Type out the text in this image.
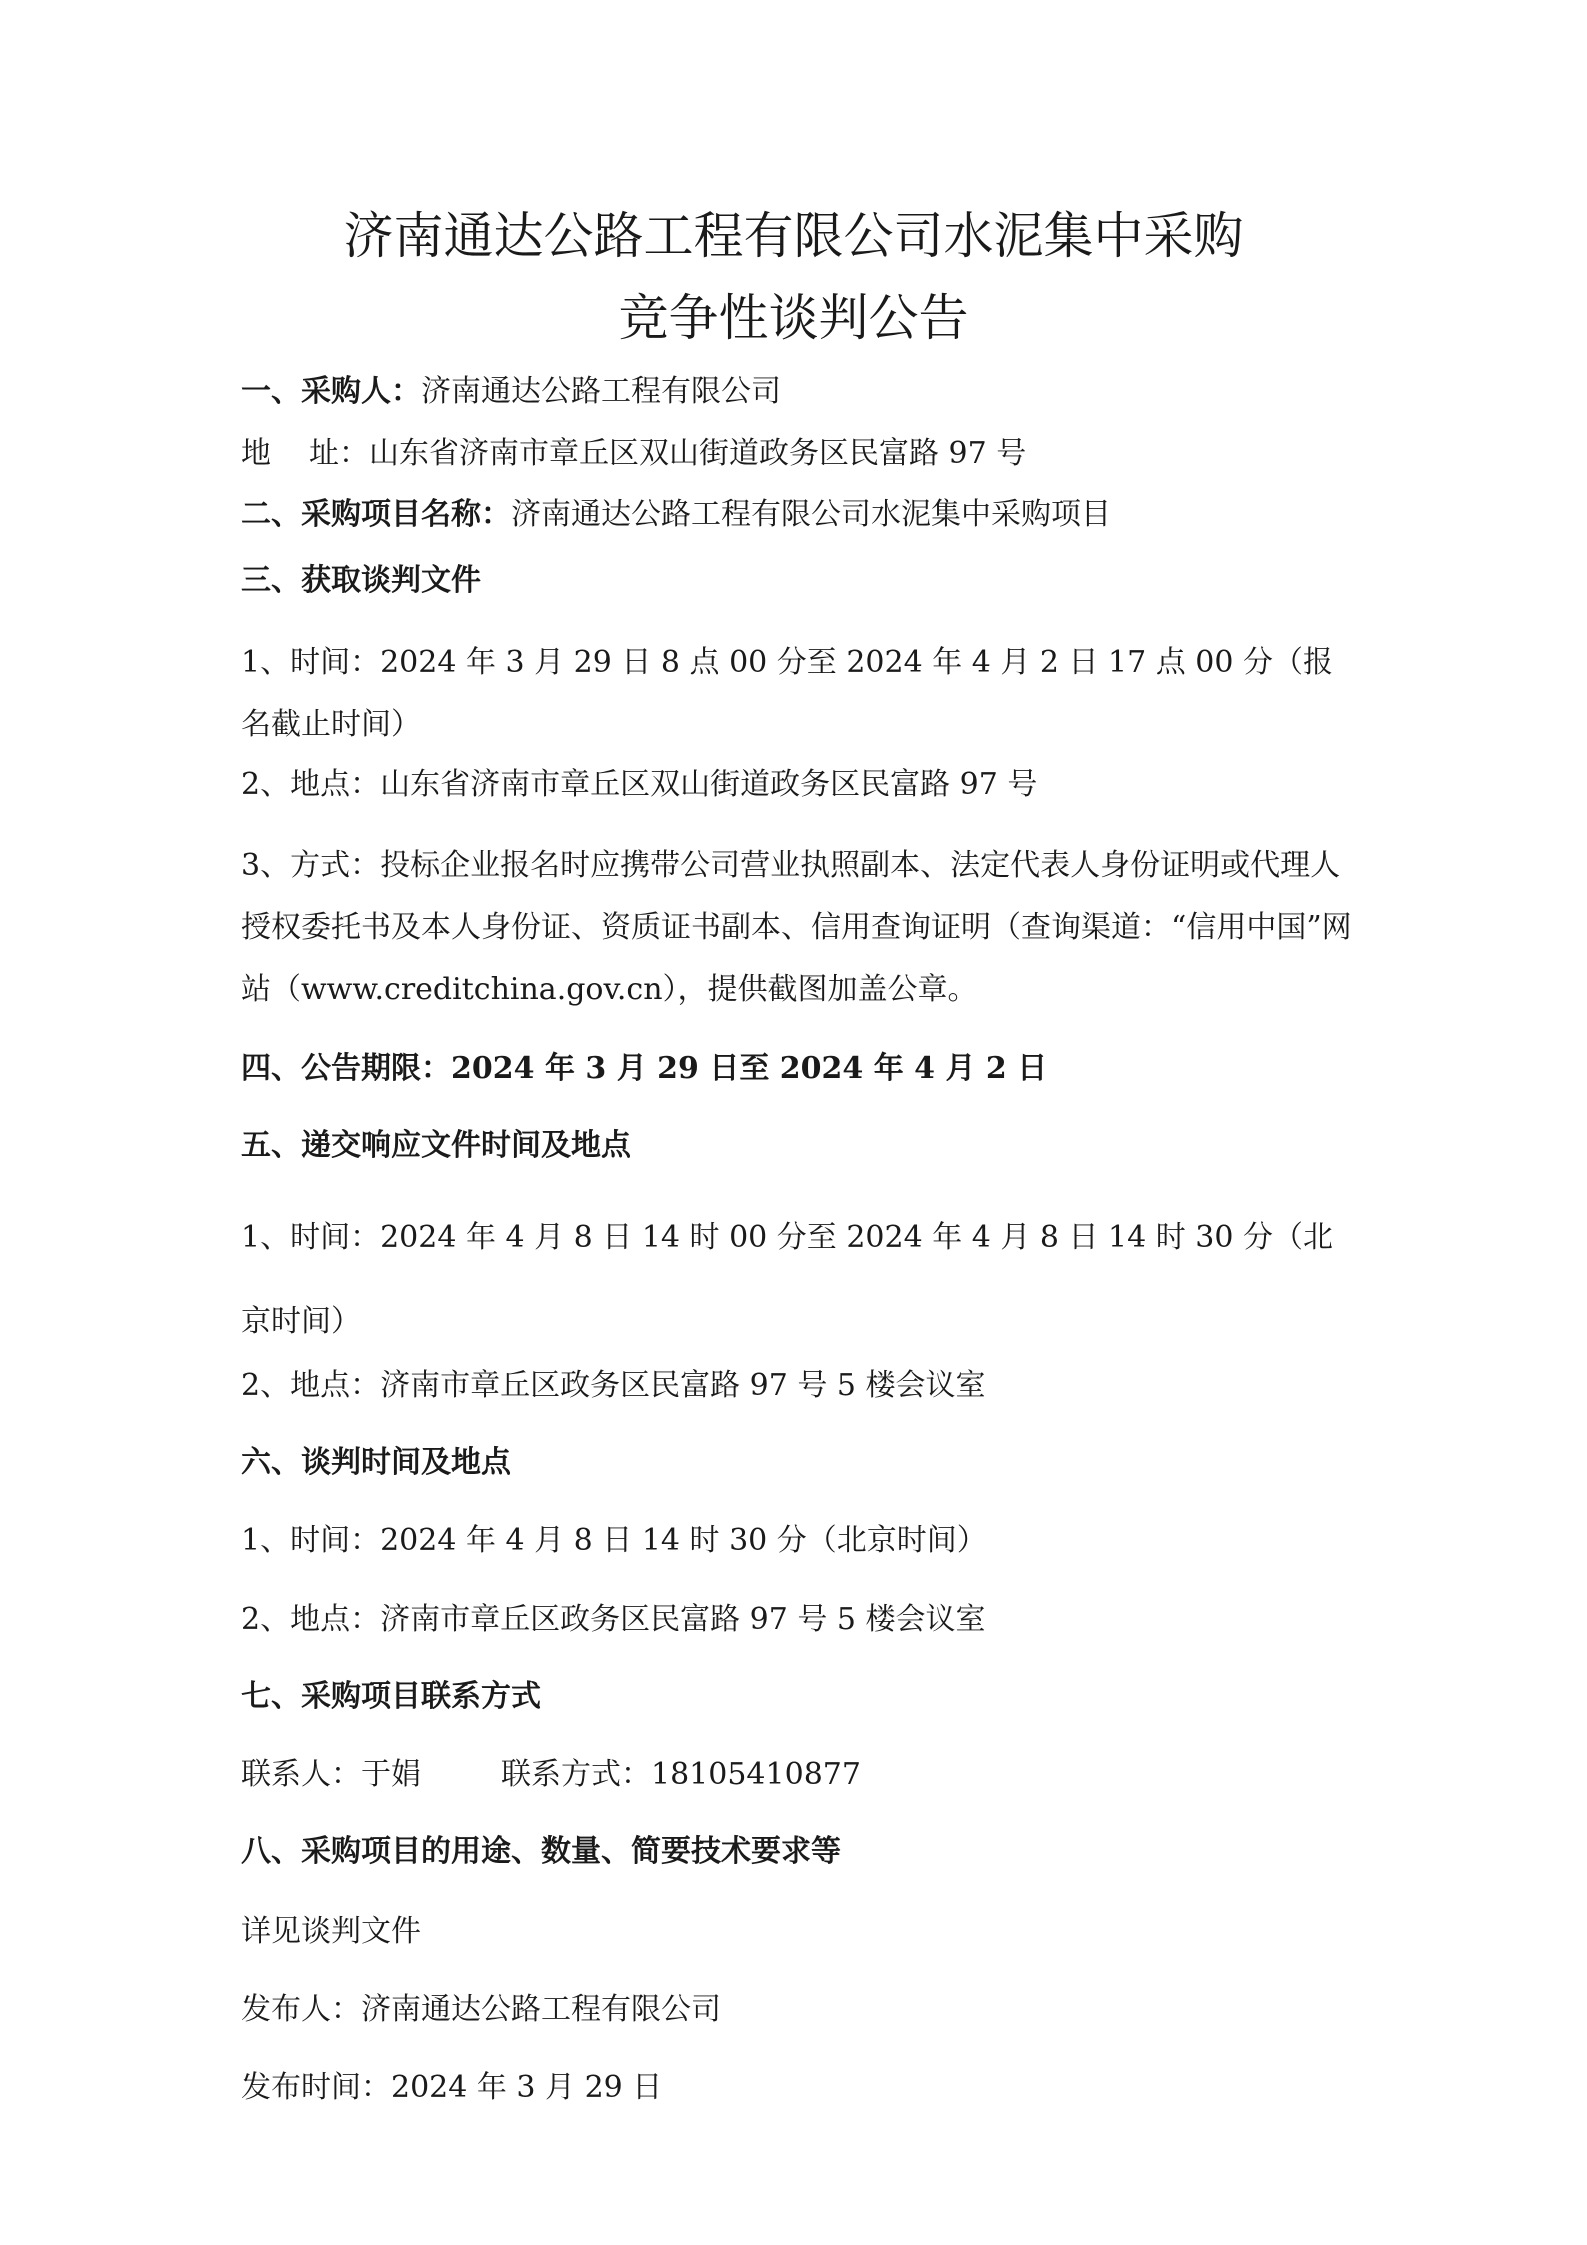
济南通达公路工程有限公司水泥集中采购
竞争性谈判公告
一、采购人：济南通达公路工程有限公司
地 址：山东省济南市章丘区双山街道政务区民富路 97 号
二、采购项目名称：济南通达公路工程有限公司水泥集中采购项目
三、获取谈判文件
1、时间：2024 年 3 月 29 日 8 点 00 分至 2024 年 4 月 2 日 17 点 00 分（报名截止时间）
2、地点：山东省济南市章丘区双山街道政务区民富路 97 号
3、方式：投标企业报名时应携带公司营业执照副本、法定代表人身份证明或代理人授权委托书及本人身份证、资质证书副本、信用查询证明（查询渠道：“信用中国”网站（www.creditchina.gov.cn），提供截图加盖公章。
四、公告期限：2024 年 3 月 29 日至 2024 年 4 月 2 日
五、递交响应文件时间及地点
1、时间：2024 年 4 月 8 日 14 时 00 分至 2024 年 4 月 8 日 14 时 30 分（北京时间）
2、地点：济南市章丘区政务区民富路 97 号 5 楼会议室
六、谈判时间及地点
1、时间：2024 年 4 月 8 日 14 时 30 分（北京时间）
2、地点：济南市章丘区政务区民富路 97 号 5 楼会议室
七、采购项目联系方式
联系人：于娟	联系方式：18105410877
八、采购项目的用途、数量、简要技术要求等
详见谈判文件
发布人：济南通达公路工程有限公司
发布时间：2024 年 3 月 29 日
